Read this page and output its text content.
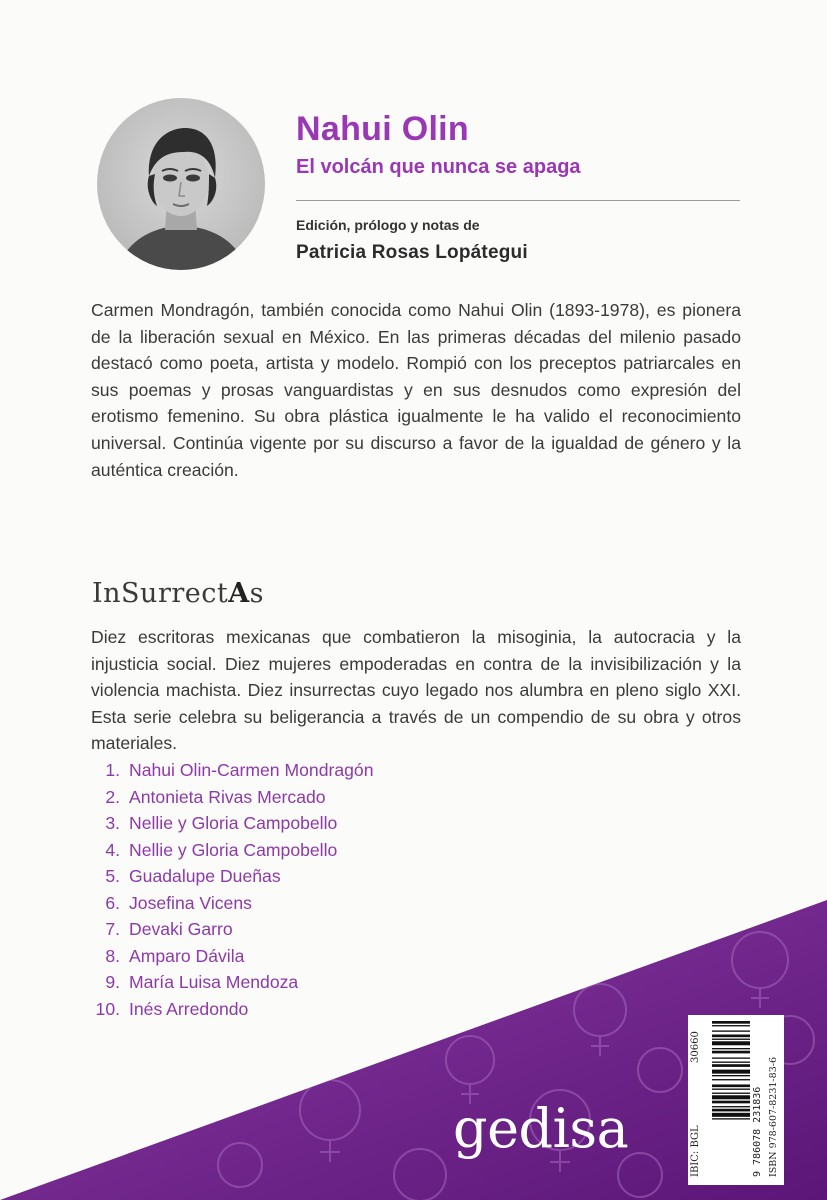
Nahui Olin
El volcán que nunca se apaga

Edición, prólogo y notas de

Patricia Rosas Lopátegui

Carmen Mondragón, también conocida como Nahui Olin (1893-1978), es pionera de la liberación sexual en México. En las primeras décadas del milenio pasado destacó como poeta, artista y modelo. Rompió con los preceptos patriarcales en sus poemas y prosas vanguardistas y en sus desnudos como expresión del erotismo femenino. Su obra plástica igualmente le ha valido el reconocimiento universal. Continúa vigente por su discurso a favor de la igualdad de género y la auténtica creación.

InSurrectAs

Diez escritoras mexicanas que combatieron la misoginia, la autocracia y la injusticia social. Diez mujeres empoderadas en contra de la invisibilización y la violencia machista. Diez insurrectas cuyo legado nos alumbra en pleno siglo XXI. Esta serie celebra su beligerancia a través de un compendio de su obra y otros materiales.

1. Nahui Olin-Carmen Mondragón
2. Antonieta Rivas Mercado
3. Nellie y Gloria Campobello
4. Nellie y Gloria Campobello
5. Guadalupe Dueñas
6. Josefina Vicens
7. Devaki Garro
8. Amparo Dávila
9. María Luisa Mendoza
10. Inés Arredondo
30660
IBIC: BGL	9 786078 231836 ISBN 978-607-8231-83-6

gedisa
